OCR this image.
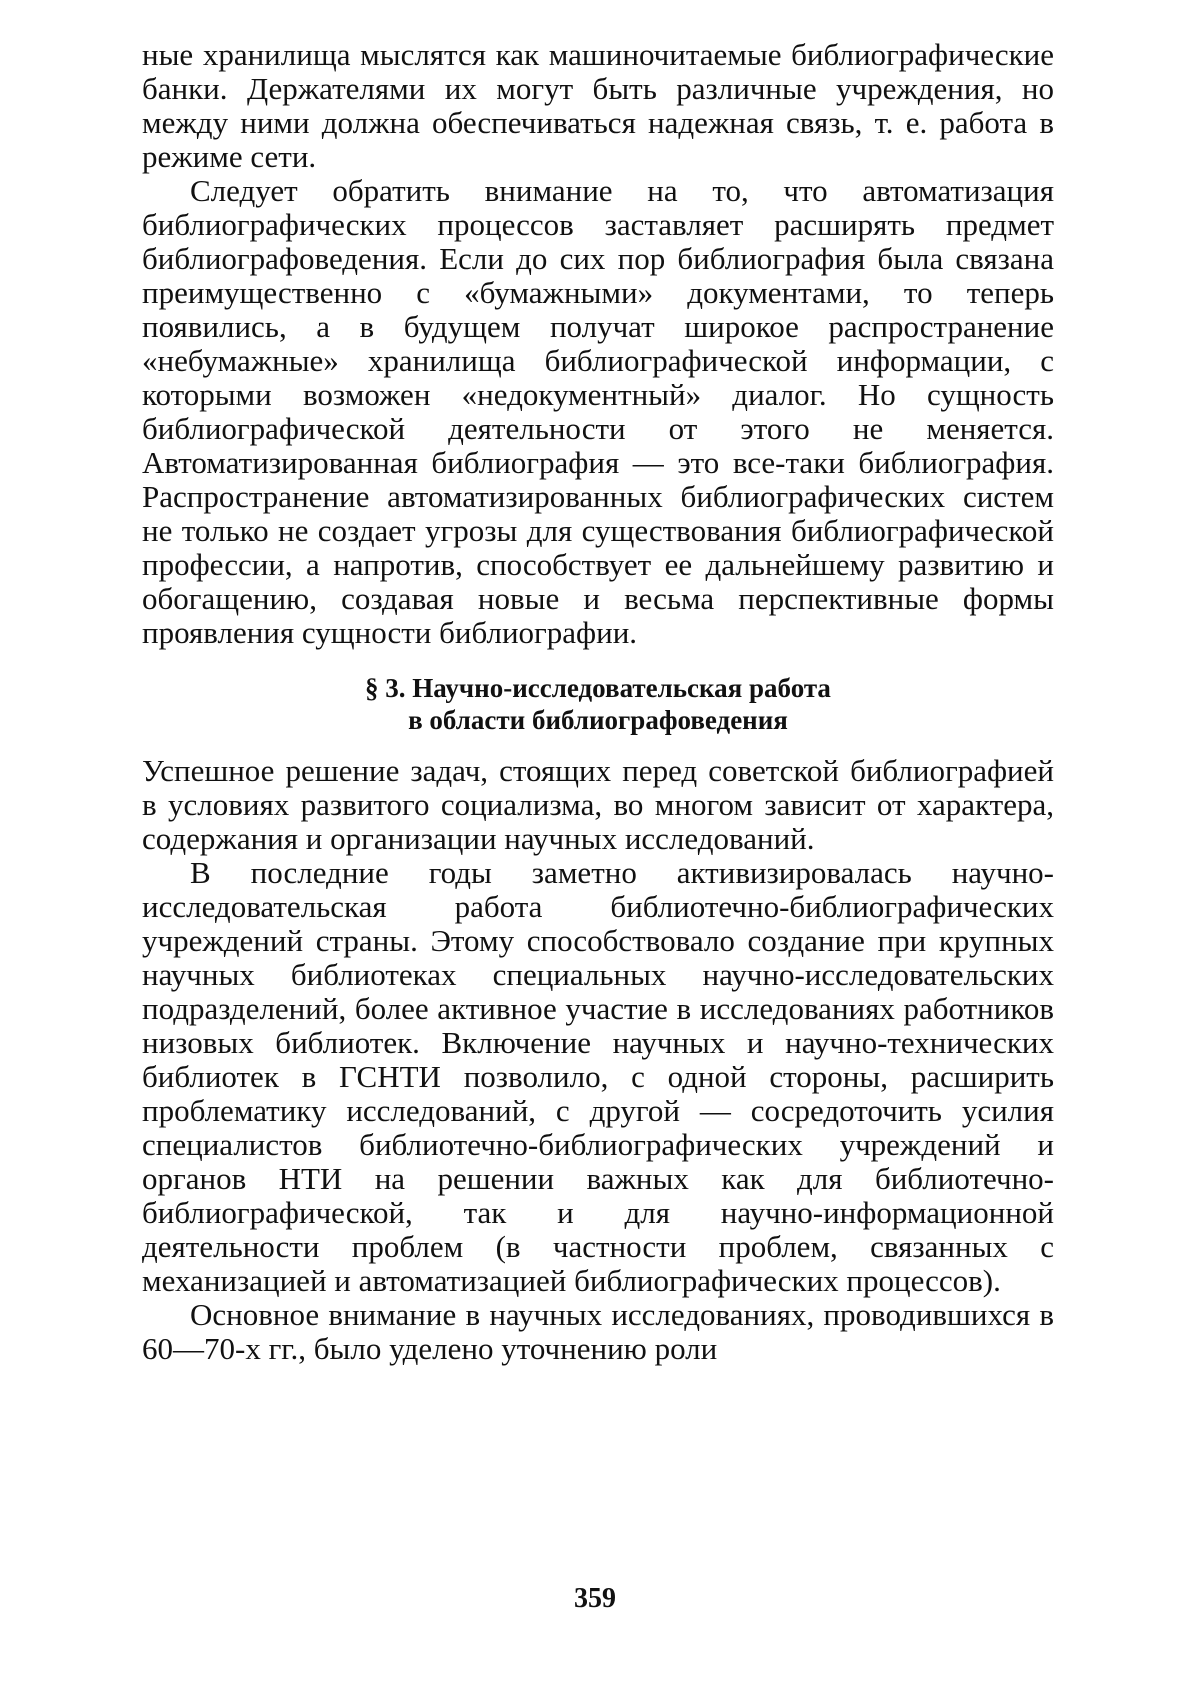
ные хранилища мыслятся как машиночитаемые библиографические банки. Держателями их могут быть различные учреждения, но между ними должна обеспечиваться надежная связь, т. е. работа в режиме сети.

Следует обратить внимание на то, что автоматизация библиографических процессов заставляет расширять предмет библиографоведения. Если до сих пор библиография была связана преимущественно с «бумажными» документами, то теперь появились, а в будущем получат широкое распространение «небумажные» хранилища библиографической информации, с которыми возможен «недокументный» диалог. Но сущность библиографической деятельности от этого не меняется. Автоматизированная библиография — это все-таки библиография. Распространение автоматизированных библиографических систем не только не создает угрозы для существования библиографической профессии, а напротив, способствует ее дальнейшему развитию и обогащению, создавая новые и весьма перспективные формы проявления сущности библиографии.

§ 3. Научно-исследовательская работа
в области библиографоведения

Успешное решение задач, стоящих перед советской библиографией в условиях развитого социализма, во многом зависит от характера, содержания и организации научных исследований.

В последние годы заметно активизировалась научно-исследовательская работа библиотечно-библиографических учреждений страны. Этому способствовало создание при крупных научных библиотеках специальных научно-исследовательских подразделений, более активное участие в исследованиях работников низовых библиотек. Включение научных и научно-технических библиотек в ГСНТИ позволило, с одной стороны, расширить проблематику исследований, с другой — сосредоточить усилия специалистов библиотечно-библиографических учреждений и органов НТИ на решении важных как для библиотечно-библиографической, так и для научно-информационной деятельности проблем (в частности проблем, связанных с механизацией и автоматизацией библиографических процессов).

Основное внимание в научных исследованиях, проводившихся в 60—70-х гг., было уделено уточнению роли

359
